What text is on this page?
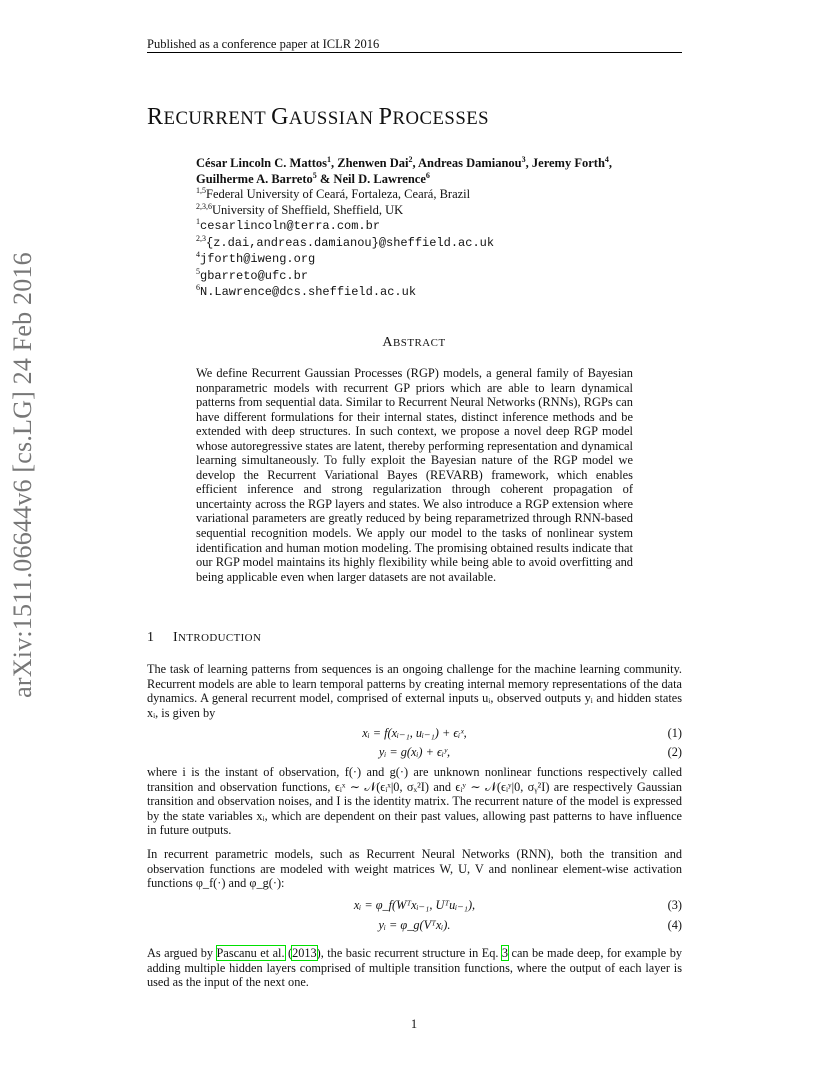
Published as a conference paper at ICLR 2016
arXiv:1511.06644v6 [cs.LG] 24 Feb 2016
RECURRENT GAUSSIAN PROCESSES
César Lincoln C. Mattos$^1$, Zhenwen Dai$^2$, Andreas Damianou$^3$, Jeremy Forth$^4$,
Guilherme A. Barreto$^5$ & Neil D. Lawrence$^6$
$^{1,5}$Federal University of Ceará, Fortaleza, Ceará, Brazil
$^{2,3,6}$University of Sheffield, Sheffield, UK
$^1$cesarlincoln@terra.com.br
$^{2,3}${z.dai,andreas.damianou}@sheffield.ac.uk
$^4$jforth@iweng.org
$^5$gbarreto@ufc.br
$^6$N.Lawrence@dcs.sheffield.ac.uk
ABSTRACT
We define Recurrent Gaussian Processes (RGP) models, a general family of Bayesian nonparametric models with recurrent GP priors which are able to learn dynamical patterns from sequential data. Similar to Recurrent Neural Networks (RNNs), RGPs can have different formulations for their internal states, distinct inference methods and be extended with deep structures. In such context, we propose a novel deep RGP model whose autoregressive states are latent, thereby performing representation and dynamical learning simultaneously. To fully exploit the Bayesian nature of the RGP model we develop the Recurrent Variational Bayes (REVARB) framework, which enables efficient inference and strong regularization through coherent propagation of uncertainty across the RGP layers and states. We also introduce a RGP extension where variational parameters are greatly reduced by being reparametrized through RNN-based sequential recognition models. We apply our model to the tasks of nonlinear system identification and human motion modeling. The promising obtained results indicate that our RGP model maintains its highly flexibility while being able to avoid overfitting and being applicable even when larger datasets are not available.
1 INTRODUCTION
The task of learning patterns from sequences is an ongoing challenge for the machine learning community. Recurrent models are able to learn temporal patterns by creating internal memory representations of the data dynamics. A general recurrent model, comprised of external inputs uᵢ, observed outputs yᵢ and hidden states xᵢ, is given by
xᵢ = f(xᵢ₋₁, uᵢ₋₁) + ϵᵢˣ,	(1)
yᵢ = g(xᵢ) + ϵᵢʸ,	(2)
where i is the instant of observation, f(·) and g(·) are unknown nonlinear functions respectively called transition and observation functions, ϵᵢˣ ∼ 𝒩(ϵᵢˣ|0, σₓ²I) and ϵᵢʸ ∼ 𝒩(ϵᵢʸ|0, σᵧ²I) are respectively Gaussian transition and observation noises, and I is the identity matrix. The recurrent nature of the model is expressed by the state variables xᵢ, which are dependent on their past values, allowing past patterns to have influence in future outputs.
In recurrent parametric models, such as Recurrent Neural Networks (RNN), both the transition and observation functions are modeled with weight matrices W, U, V and nonlinear element-wise activation functions φ_f(·) and φ_g(·):
xᵢ = φ_f(Wᵀxᵢ₋₁, Uᵀuᵢ₋₁),	(3)
yᵢ = φ_g(Vᵀxᵢ).	(4)
As argued by Pascanu et al. (2013), the basic recurrent structure in Eq. 3 can be made deep, for example by adding multiple hidden layers comprised of multiple transition functions, where the output of each layer is used as the input of the next one.
1
